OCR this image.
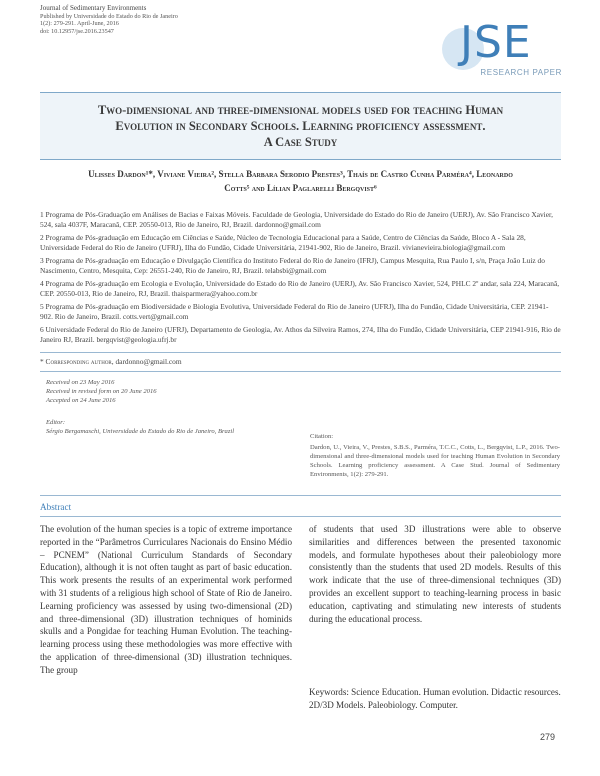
Journal of Sedimentary Environments
Published by Universidade do Estado do Rio de Janeiro
1(2): 279-291. April-June, 2016
doi: 10.12957/jse.2016.23547	JSE
RESEARCH PAPER
Two-dimensional and three-dimensional models used for teaching Human
Evolution in Secondary Schools. Learning proficiency assessment.
A Case Study
Ulisses Dardon¹*, Viviane Vieira², Stella Barbara Serodio Prestes³, Thaís de Castro Cunha Parméra⁴, Leonardo
Cotts⁵ and Lílian Paglarelli Bergqvist⁶
1 Programa de Pós-Graduação em Análises de Bacias e Faixas Móveis. Faculdade de Geologia, Universidade do Estado do Rio de Janeiro (UERJ), Av. São Francisco Xavier, 524, sala 4037F, Maracanã, CEP. 20550-013, Rio de Janeiro, RJ, Brazil. dardonno@gmail.com
2 Programa de Pós-graduação em Educação em Ciências e Saúde, Núcleo de Tecnologia Educacional para a Saúde, Centro de Ciências da Saúde, Bloco A - Sala 28, Universidade Federal do Rio de Janeiro (UFRJ), Ilha do Fundão, Cidade Universitária, 21941-902, Rio de Janeiro, Brazil. vivianevieira.biologia@gmail.com
3 Programa de Pós-graduação em Educação e Divulgação Científica do Instituto Federal do Rio de Janeiro (IFRJ), Campus Mesquita, Rua Paulo I, s/n, Praça João Luiz do Nascimento, Centro, Mesquita, Cep: 26551-240, Rio de Janeiro, RJ, Brazil. telabsbi@gmail.com
4 Programa de Pós-graduação em Ecologia e Evolução, Universidade do Estado do Rio de Janeiro (UERJ), Av. São Francisco Xavier, 524, PHLC 2º andar, sala 224, Maracanã, CEP. 20550-013, Rio de Janeiro, RJ, Brazil. thaisparmera@yahoo.com.br
5 Programa de Pós-graduação em Biodiversidade e Biologia Evolutiva, Universidade Federal do Rio de Janeiro (UFRJ), Ilha do Fundão, Cidade Universitária, CEP. 21941-902. Rio de Janeiro, Brazil. cotts.vert@gmail.com
6 Universidade Federal do Rio de Janeiro (UFRJ), Departamento de Geologia, Av. Athos da Silveira Ramos, 274, Ilha do Fundão, Cidade Universitária, CEP 21941-916, Rio de Janeiro RJ, Brazil. bergqvist@geologia.ufrj.br
* Corresponding author, dardonno@gmail.com
Received on 23 May 2016
Received in revised form on 20 June 2016
Accepted on 24 June 2016
Editor:
Sérgio Bergamaschi, Universidade do Estado do Rio de Janeiro, Brazil
Citation:
Dardon, U., Vieira, V., Prestes, S.B.S., Parméra, T.C.C., Cotts, L., Bergqvist, L.P., 2016. Two-dimensional and three-dimensional models used for teaching Human Evolution in Secondary Schools. Learning proficiency assessment. A Case Stud. Journal of Sedimentary Environments, 1(2): 279-291.
Abstract

The evolution of the human species is a topic of extreme importance reported in the “Parâmetros Curriculares Nacionais do Ensino Médio – PCNEM” (National Curriculum Standards of Secondary Education), although it is not often taught as part of basic education. This work presents the results of an experimental work performed with 31 students of a religious high school of State of Rio de Janeiro. Learning proficiency was assessed by using two-dimensional (2D) and three-dimensional (3D) illustration techniques of hominids skulls and a Pongidae for teaching Human Evolution. The teaching-learning process using these methodologies was more effective with the application of three-dimensional (3D) illustration techniques. The group

of students that used 3D illustrations were able to observe similarities and differences between the presented taxonomic models, and formulate hypotheses about their paleobiology more consistently than the students that used 2D models. Results of this work indicate that the use of three-dimensional techniques (3D) provides an excellent support to teaching-learning process in basic education, captivating and stimulating new interests of students during the educational process.

Keywords: Science Education. Human evolution. Didactic resources. 2D/3D Models. Paleobiology. Computer.

279
